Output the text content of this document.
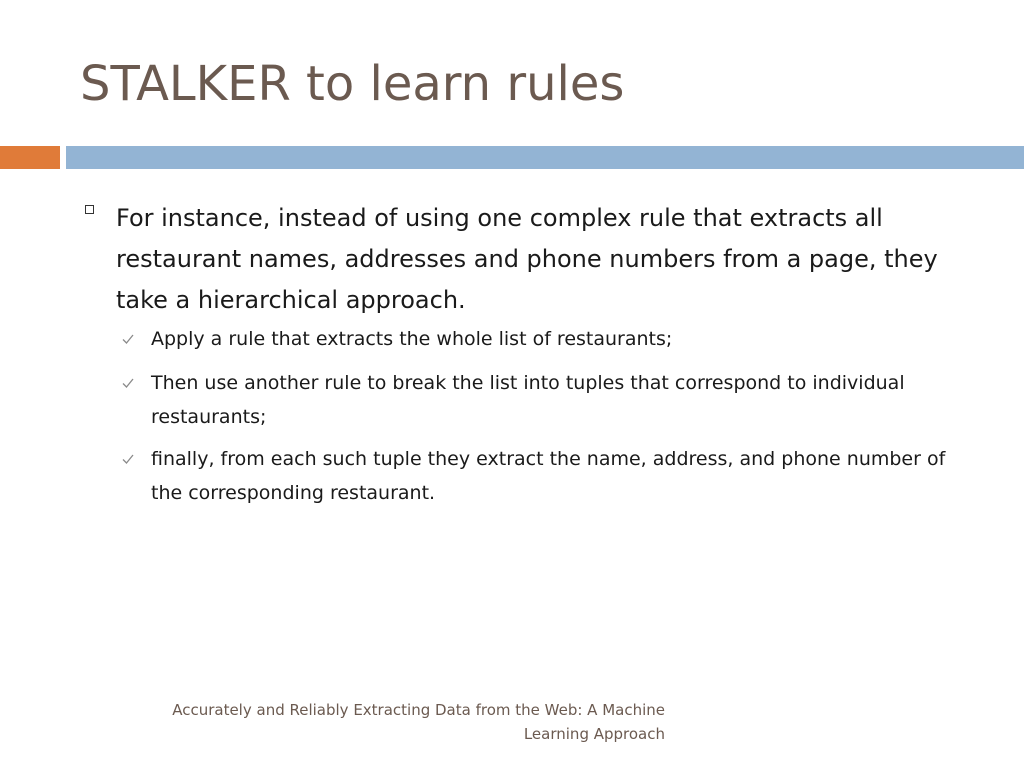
STALKER to learn rules

For instance, instead of using one complex rule that extracts all restaurant names, addresses and phone numbers from a page, they take a hierarchical approach.

Apply a rule that extracts the whole list of restaurants;

Then use another rule to break the list into tuples that correspond to individual restaurants;

finally, from each such tuple they extract the name, address, and phone number of the corresponding restaurant.

Accurately and Reliably Extracting Data from the Web: A Machine Learning Approach
